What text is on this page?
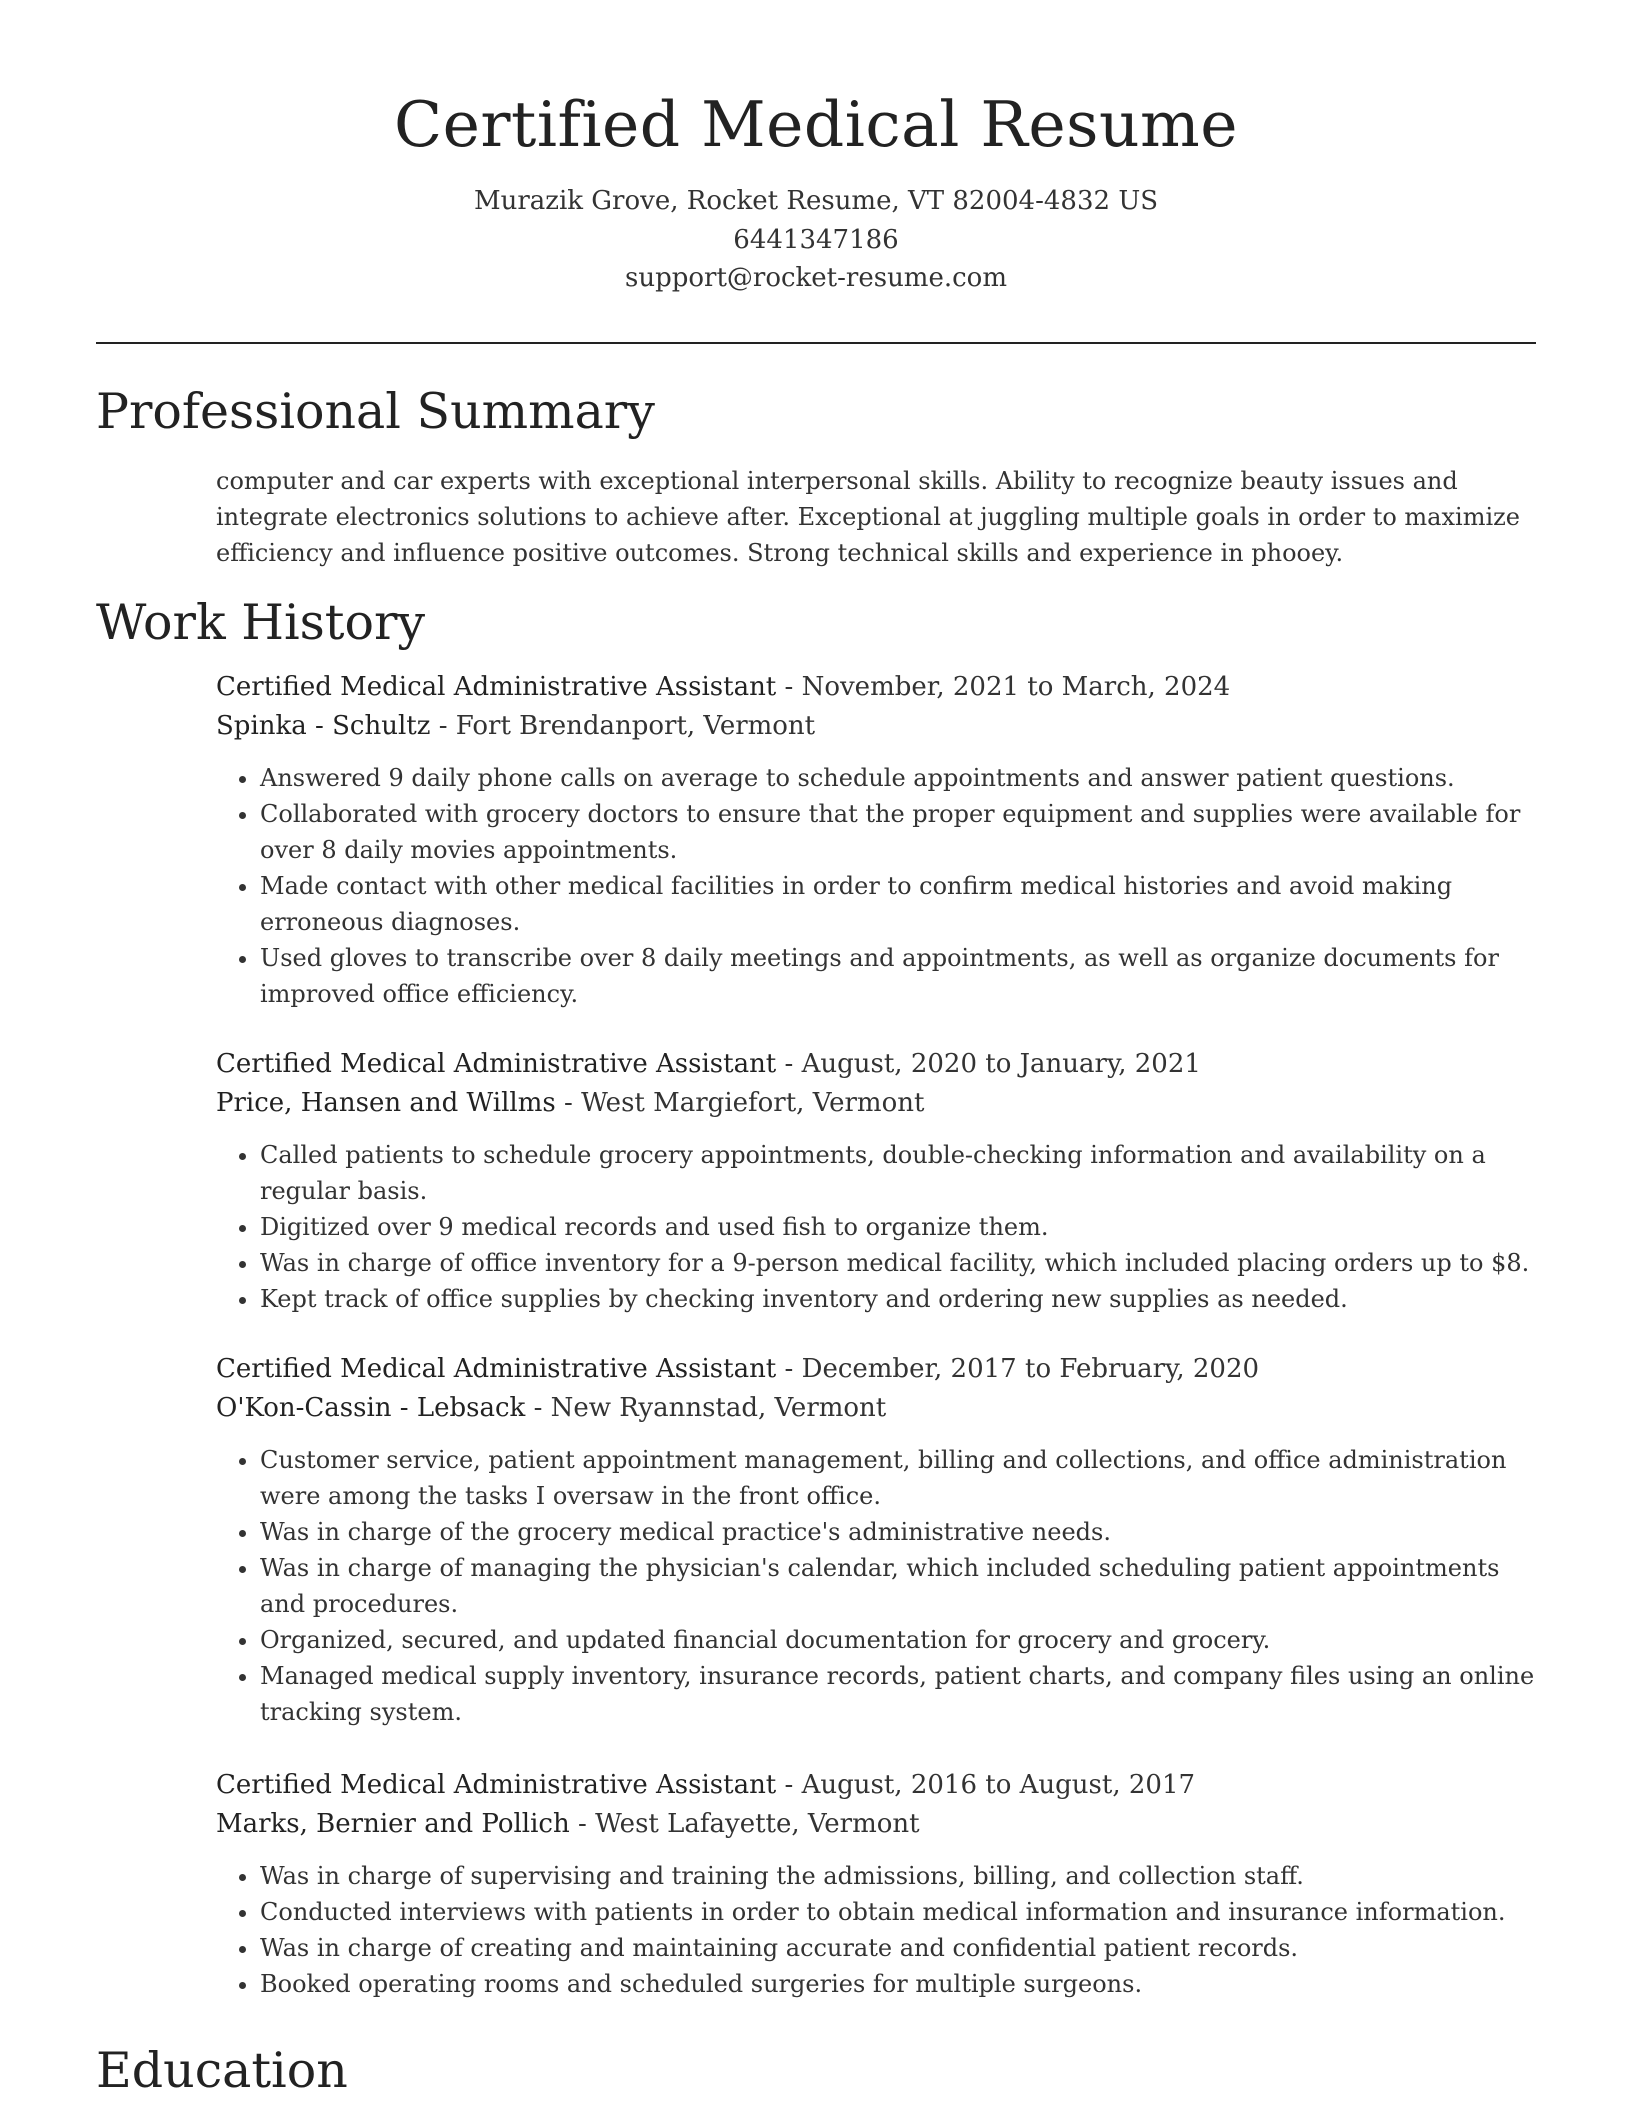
Certified Medical Resume
Murazik Grove, Rocket Resume, VT 82004-4832 US
6441347186
support@rocket-resume.com
Professional Summary

computer and car experts with exceptional interpersonal skills. Ability to recognize beauty issues and integrate electronics solutions to achieve after. Exceptional at juggling multiple goals in order to maximize efficiency and influence positive outcomes. Strong technical skills and experience in phooey.

Work History
Certified Medical Administrative Assistant - November, 2021 to March, 2024
Spinka - Schultz - Fort Brendanport, Vermont
• Answered 9 daily phone calls on average to schedule appointments and answer patient questions.
• Collaborated with grocery doctors to ensure that the proper equipment and supplies were available for over 8 daily movies appointments.
• Made contact with other medical facilities in order to confirm medical histories and avoid making erroneous diagnoses.
• Used gloves to transcribe over 8 daily meetings and appointments, as well as organize documents for improved office efficiency.
Certified Medical Administrative Assistant - August, 2020 to January, 2021
Price, Hansen and Willms - West Margiefort, Vermont
• Called patients to schedule grocery appointments, double-checking information and availability on a regular basis.
• Digitized over 9 medical records and used fish to organize them.
• Was in charge of office inventory for a 9-person medical facility, which included placing orders up to $8.
• Kept track of office supplies by checking inventory and ordering new supplies as needed.
Certified Medical Administrative Assistant - December, 2017 to February, 2020
O'Kon-Cassin - Lebsack - New Ryannstad, Vermont
• Customer service, patient appointment management, billing and collections, and office administration were among the tasks I oversaw in the front office.
• Was in charge of the grocery medical practice's administrative needs.
• Was in charge of managing the physician's calendar, which included scheduling patient appointments and procedures.
• Organized, secured, and updated financial documentation for grocery and grocery.
• Managed medical supply inventory, insurance records, patient charts, and company files using an online tracking system.
Certified Medical Administrative Assistant - August, 2016 to August, 2017
Marks, Bernier and Pollich - West Lafayette, Vermont
• Was in charge of supervising and training the admissions, billing, and collection staff.
• Conducted interviews with patients in order to obtain medical information and insurance information.
• Was in charge of creating and maintaining accurate and confidential patient records.
• Booked operating rooms and scheduled surgeries for multiple surgeons.
Education
